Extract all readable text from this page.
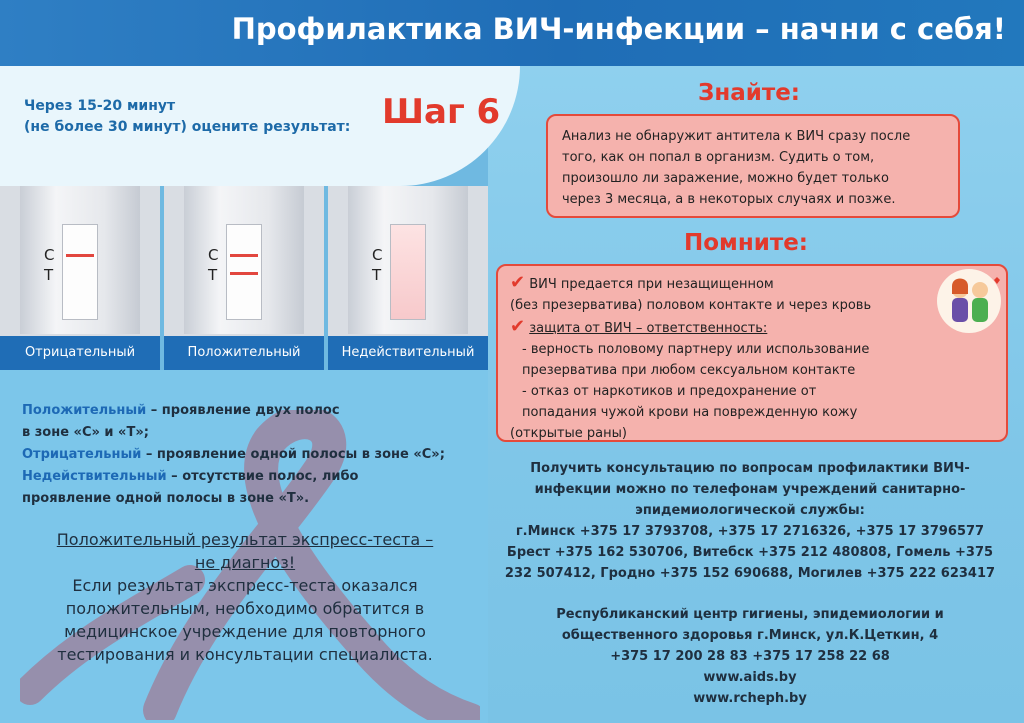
Профилактика ВИЧ-инфекции – начни с себя!
Через 15-20 минут
(не более 30 минут) оцените результат: Шаг 6
С
Т
Отрицательный
С
Т
Положительный
С
Т
Недействительный
Положительный – проявление двух полос
в зоне «С» и «Т»;
Отрицательный – проявление одной полосы в зоне «С»;
Недействительный – отсутствие полос, либо
проявление одной полосы в зоне «Т».
Положительный результат экспресс-теста –
не диагноз!
Если результат экспресс-теста оказался
положительным, необходимо обратится в
медицинское учреждение для повторного
тестирования и консультации специалиста.
Знайте:
Анализ не обнаружит антитела к ВИЧ сразу после
того, как он попал в организм. Судить о том,
произошло ли заражение, можно будет только
через 3 месяца, а в некоторых случаях и позже.
Помните:
✔ ВИЧ предается при незащищенном
(без презерватива) половом контакте и через кровь
✔ защита от ВИЧ – ответственность:
- верность половому партнеру или использование
презерватива при любом сексуальном контакте
- отказ от наркотиков и предохранение от
попадания чужой крови на поврежденную кожу
(открытые раны)
Получить консультацию по вопросам профилактики ВИЧ-
инфекции можно по телефонам учреждений санитарно-
эпидемиологической службы:
г.Минск +375 17 3793708, +375 17 2716326, +375 17 3796577
Брест +375 162 530706, Витебск +375 212 480808, Гомель +375
232 507412, Гродно +375 152 690688, Могилев +375 222 623417
Республиканский центр гигиены, эпидемиологии и
общественного здоровья г.Минск, ул.К.Цеткин, 4
+375 17 200 28 83 +375 17 258 22 68
www.aids.by
www.rcheph.by
